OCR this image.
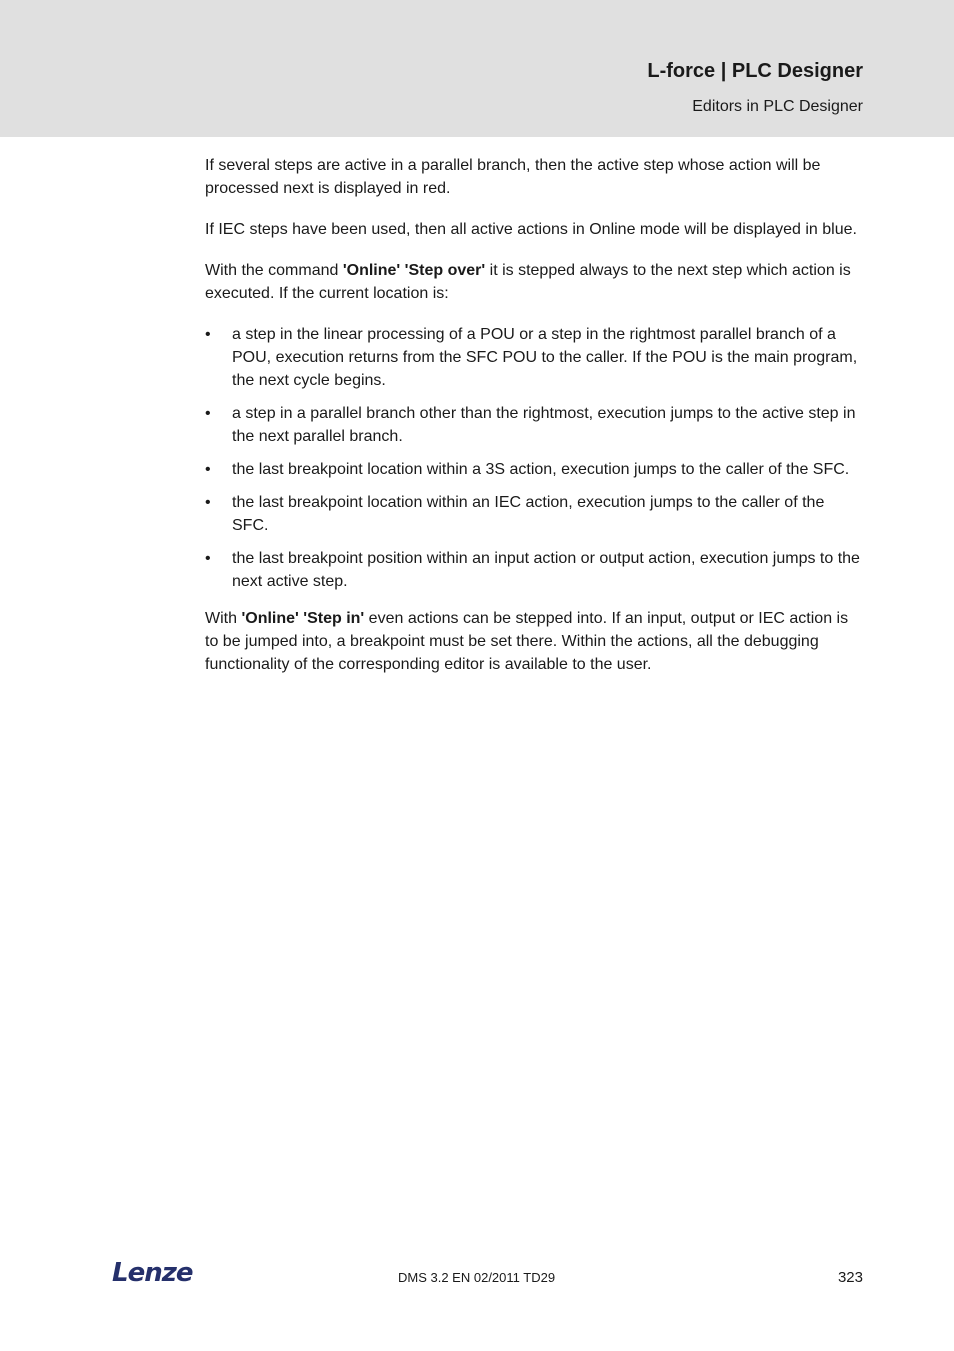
L-force | PLC Designer
Editors in PLC Designer

If several steps are active in a parallel branch, then the active step whose action will be processed next is displayed in red.

If IEC steps have been used, then all active actions in Online mode will be displayed in blue.

With the command 'Online' 'Step over' it is stepped always to the next step which action is executed. If the current location is:

• a step in the linear processing of a POU or a step in the rightmost parallel branch of a POU, execution returns from the SFC POU to the caller. If the POU is the main program, the next cycle begins.
• a step in a parallel branch other than the rightmost, execution jumps to the active step in the next parallel branch.
• the last breakpoint location within a 3S action, execution jumps to the caller of the SFC.
• the last breakpoint location within an IEC action, execution jumps to the caller of the SFC.
• the last breakpoint position within an input action or output action, execution jumps to the next active step.

With 'Online' 'Step in' even actions can be stepped into. If an input, output or IEC action is to be jumped into, a breakpoint must be set there. Within the actions, all the debugging functionality of the corresponding editor is available to the user.

Lenze	DMS 3.2 EN 02/2011 TD29	323
